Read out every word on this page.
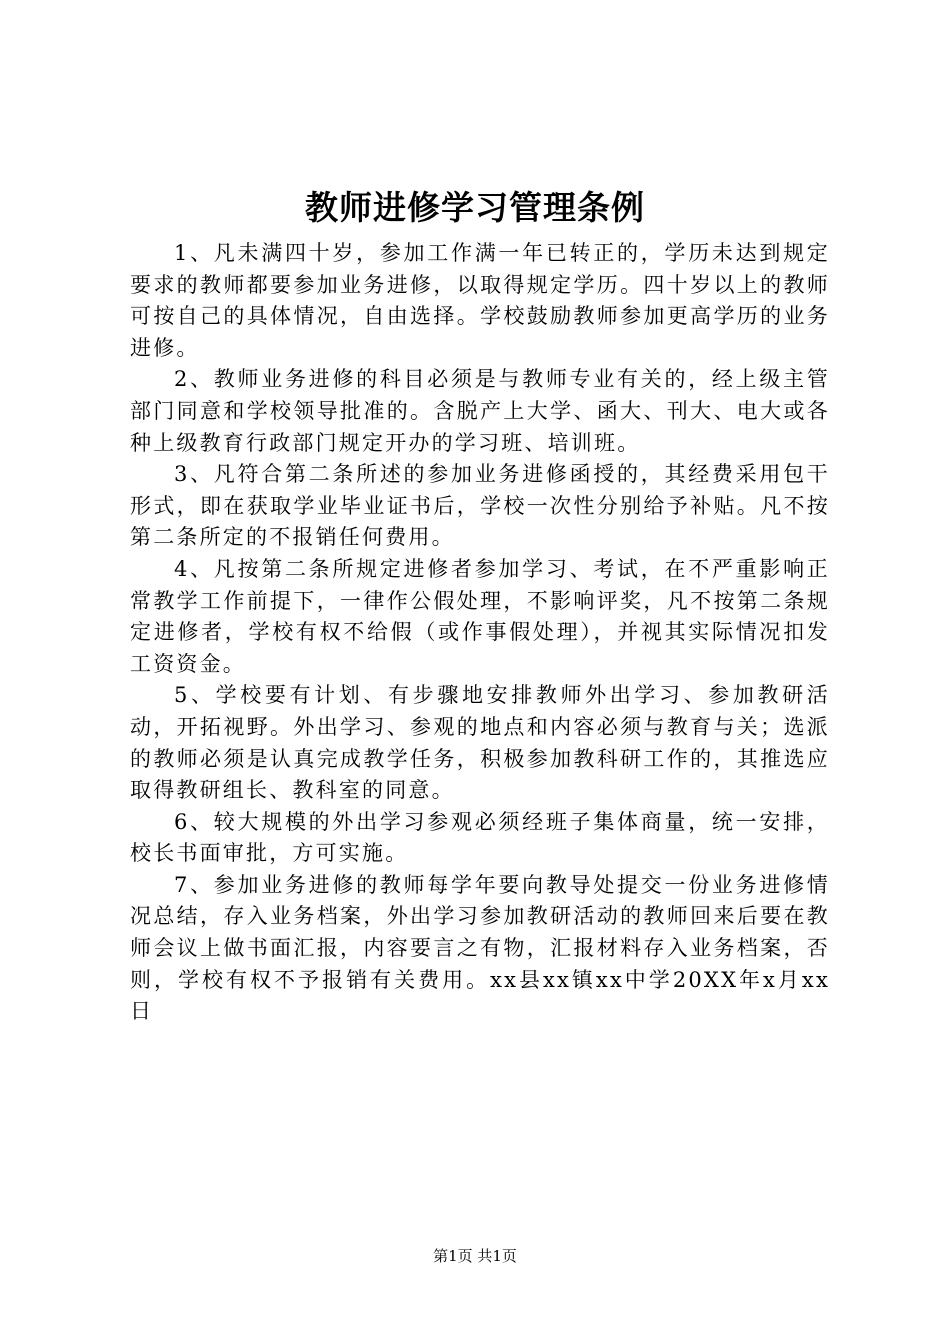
教师进修学习管理条例

1、凡未满四十岁，参加工作满一年已转正的，学历未达到规定要求的教师都要参加业务进修，以取得规定学历。四十岁以上的教师可按自己的具体情况，自由选择。学校鼓励教师参加更高学历的业务进修。

2、教师业务进修的科目必须是与教师专业有关的，经上级主管部门同意和学校领导批准的。含脱产上大学、函大、刊大、电大或各种上级教育行政部门规定开办的学习班、培训班。

3、凡符合第二条所述的参加业务进修函授的，其经费采用包干形式，即在获取学业毕业证书后，学校一次性分别给予补贴。凡不按第二条所定的不报销任何费用。

4、凡按第二条所规定进修者参加学习、考试，在不严重影响正常教学工作前提下，一律作公假处理，不影响评奖，凡不按第二条规定进修者，学校有权不给假（或作事假处理），并视其实际情况扣发工资资金。

5、学校要有计划、有步骤地安排教师外出学习、参加教研活动，开拓视野。外出学习、参观的地点和内容必须与教育与关；选派的教师必须是认真完成教学任务，积极参加教科研工作的，其推选应取得教研组长、教科室的同意。

6、较大规模的外出学习参观必须经班子集体商量，统一安排，校长书面审批，方可实施。

7、参加业务进修的教师每学年要向教导处提交一份业务进修情况总结，存入业务档案，外出学习参加教研活动的教师回来后要在教师会议上做书面汇报，内容要言之有物，汇报材料存入业务档案，否则，学校有权不予报销有关费用。xx县xx镇xx中学20XX年x月xx日

第1页 共1页
